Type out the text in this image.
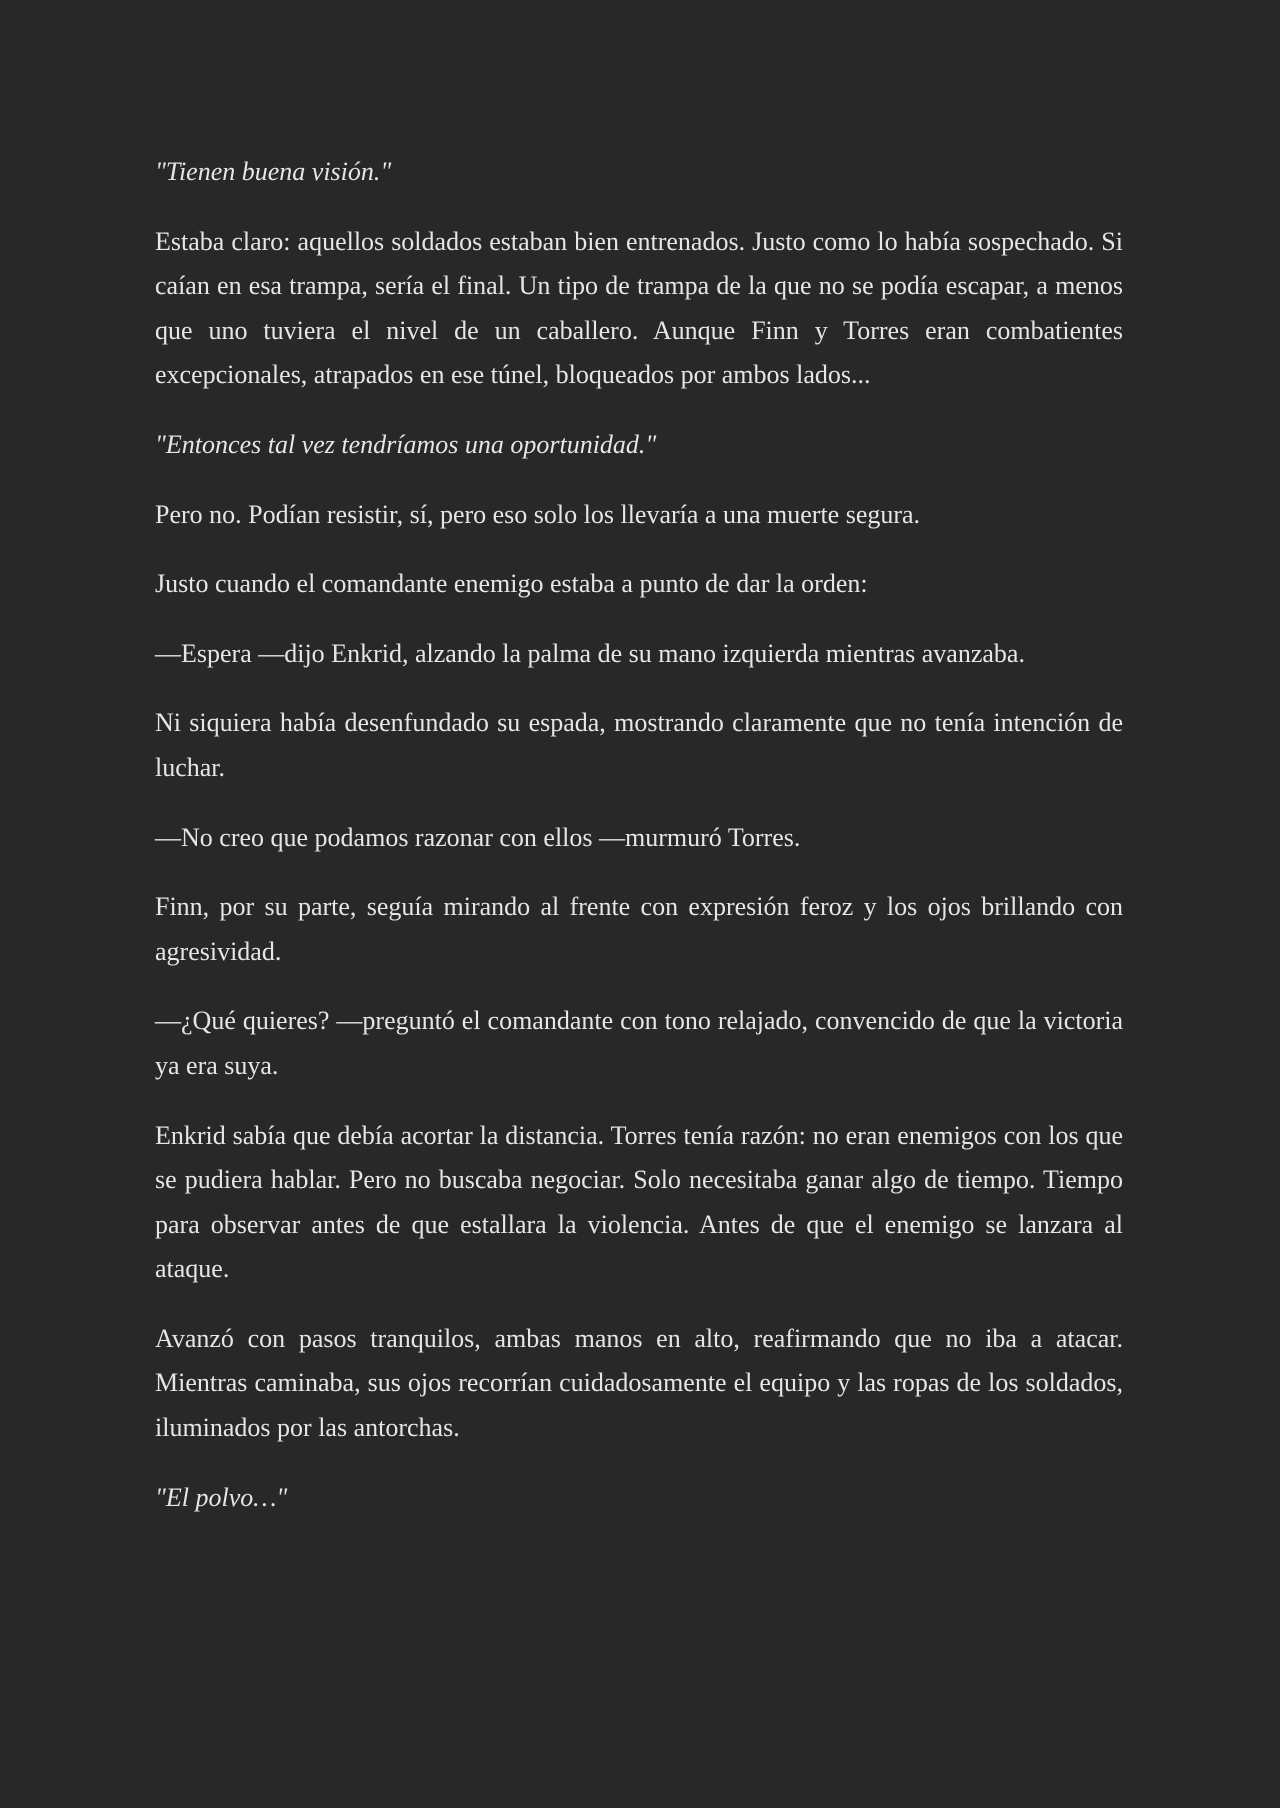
"Tienen buena visión."

Estaba claro: aquellos soldados estaban bien entrenados. Justo como lo había sospechado. Si caían en esa trampa, sería el final. Un tipo de trampa de la que no se podía escapar, a menos que uno tuviera el nivel de un caballero. Aunque Finn y Torres eran combatientes excepcionales, atrapados en ese túnel, bloqueados por ambos lados...

"Entonces tal vez tendríamos una oportunidad."

Pero no. Podían resistir, sí, pero eso solo los llevaría a una muerte segura.

Justo cuando el comandante enemigo estaba a punto de dar la orden:

—Espera —dijo Enkrid, alzando la palma de su mano izquierda mientras avanzaba.

Ni siquiera había desenfundado su espada, mostrando claramente que no tenía intención de luchar.

—No creo que podamos razonar con ellos —murmuró Torres.

Finn, por su parte, seguía mirando al frente con expresión feroz y los ojos brillando con agresividad.

—¿Qué quieres? —preguntó el comandante con tono relajado, convencido de que la victoria ya era suya.

Enkrid sabía que debía acortar la distancia. Torres tenía razón: no eran enemigos con los que se pudiera hablar. Pero no buscaba negociar. Solo necesitaba ganar algo de tiempo. Tiempo para observar antes de que estallara la violencia. Antes de que el enemigo se lanzara al ataque.

Avanzó con pasos tranquilos, ambas manos en alto, reafirmando que no iba a atacar. Mientras caminaba, sus ojos recorrían cuidadosamente el equipo y las ropas de los soldados, iluminados por las antorchas.

"El polvo…"
